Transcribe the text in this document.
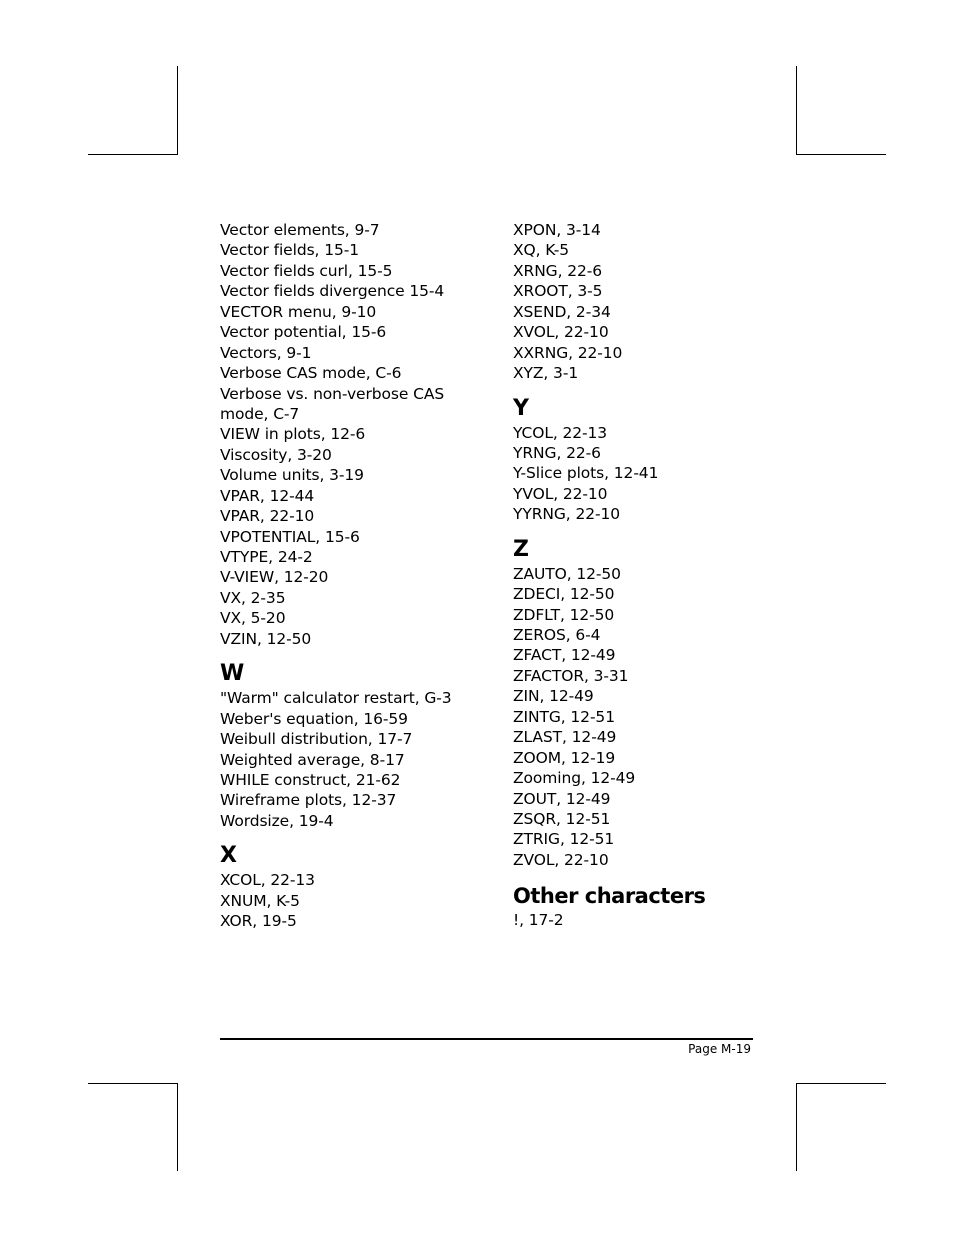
Vector elements, 9-7
Vector fields, 15-1
Vector fields curl, 15-5
Vector fields divergence 15-4
VECTOR menu, 9-10
Vector potential, 15-6
Vectors, 9-1
Verbose CAS mode, C-6
Verbose vs. non-verbose CAS mode, C-7
VIEW in plots, 12-6
Viscosity, 3-20
Volume units, 3-19
VPAR, 12-44
VPAR, 22-10
VPOTENTIAL, 15-6
VTYPE, 24-2
V-VIEW, 12-20
VX, 2-35
VX, 5-20
VZIN, 12-50
W
"Warm" calculator restart, G-3
Weber's equation, 16-59
Weibull distribution, 17-7
Weighted average, 8-17
WHILE construct, 21-62
Wireframe plots, 12-37
Wordsize, 19-4
X
XCOL, 22-13
XNUM, K-5
XOR, 19-5
XPON, 3-14
XQ, K-5
XRNG, 22-6
XROOT, 3-5
XSEND, 2-34
XVOL, 22-10
XXRNG, 22-10
XYZ, 3-1
Y
YCOL, 22-13
YRNG, 22-6
Y-Slice plots, 12-41
YVOL, 22-10
YYRNG, 22-10
Z
ZAUTO, 12-50
ZDECI, 12-50
ZDFLT, 12-50
ZEROS, 6-4
ZFACT, 12-49
ZFACTOR, 3-31
ZIN, 12-49
ZINTG, 12-51
ZLAST, 12-49
ZOOM, 12-19
Zooming, 12-49
ZOUT, 12-49
ZSQR, 12-51
ZTRIG, 12-51
ZVOL, 22-10
Other characters
!, 17-2
Page M-19
